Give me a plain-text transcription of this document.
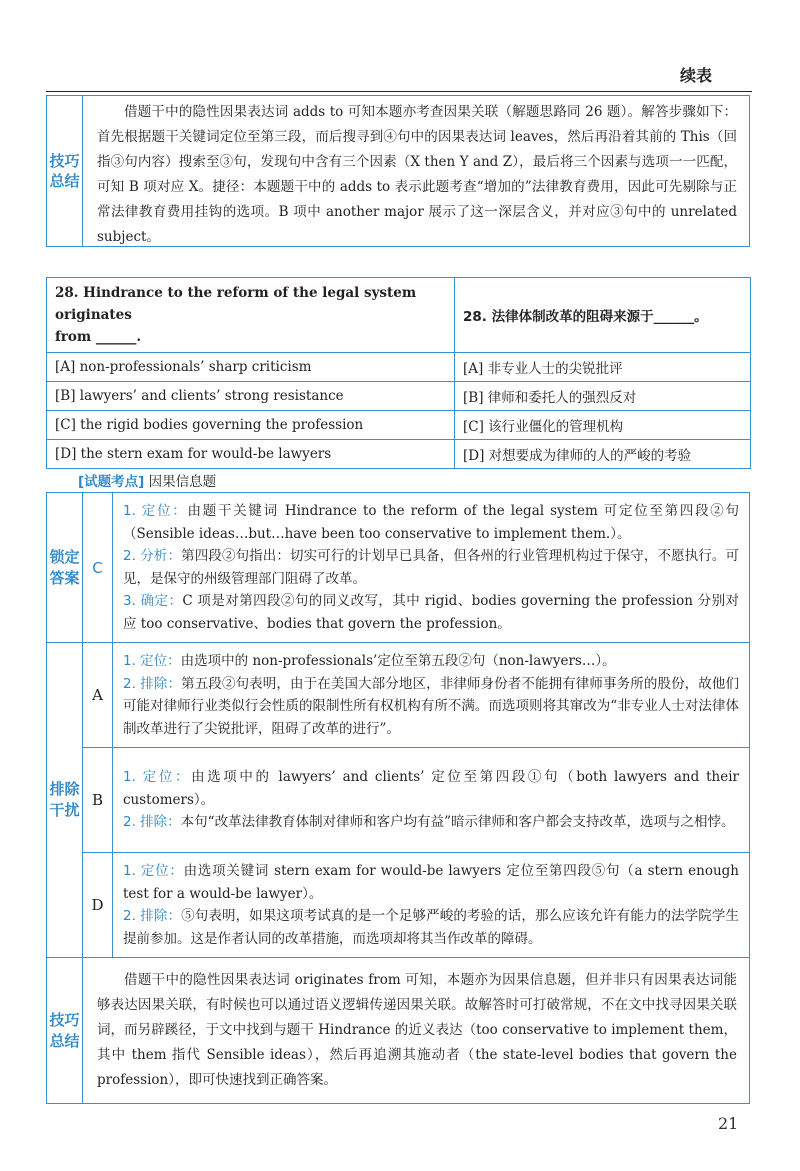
续表
技巧
总结
借题干中的隐性因果表达词 adds to 可知本题亦考查因果关联（解题思路同 26 题）。解答步骤如下：首先根据题干关键词定位至第三段，而后搜寻到④句中的因果表达词 leaves，然后再沿着其前的 This（回指③句内容）搜索至③句，发现句中含有三个因素（X then Y and Z），最后将三个因素与选项一一匹配，可知 B 项对应 X。捷径：本题题干中的 adds to 表示此题考查“增加的”法律教育费用，因此可先剔除与正常法律教育费用挂钩的选项。B 项中 another major 展示了这一深层含义，并对应③句中的 unrelated subject。
28. Hindrance to the reform of the legal system originates
from ______.	28. 法律体制改革的阻碍来源于______。
[A] non-professionals’ sharp criticism	[A] 非专业人士的尖锐批评
[B] lawyers’ and clients’ strong resistance	[B] 律师和委托人的强烈反对
[C] the rigid bodies governing the profession	[C] 该行业僵化的管理机构
[D] the stern exam for would-be lawyers	[D] 对想要成为律师的人的严峻的考验
[试题考点] 因果信息题
锁定
答案	C	1. 定位：由题干关键词 Hindrance to the reform of the legal system 可定位至第四段②句（Sensible ideas…but…have been too conservative to implement them.）。
2. 分析：第四段②句指出：切实可行的计划早已具备，但各州的行业管理机构过于保守，不愿执行。可见，是保守的州级管理部门阻碍了改革。
3. 确定：C 项是对第四段②句的同义改写，其中 rigid、bodies governing the profession 分别对应 too conservative、bodies that govern the profession。

排除
干扰	A	1. 定位：由选项中的 non-professionals’定位至第五段②句（non-lawyers…）。
2. 排除：第五段②句表明，由于在美国大部分地区，非律师身份者不能拥有律师事务所的股份，故他们可能对律师行业类似行会性质的限制性所有权机构有所不满。而选项则将其窜改为“非专业人士对法律体制改革进行了尖锐批评，阻碍了改革的进行”。

	B	1. 定位：由选项中的 lawyers’ and clients’ 定位至第四段①句（both lawyers and their customers）。
2. 排除：本句“改革法律教育体制对律师和客户均有益”暗示律师和客户都会支持改革，选项与之相悖。

	D	1. 定位：由选项关键词 stern exam for would-be lawyers 定位至第四段⑤句（a stern enough test for a would-be lawyer）。
2. 排除：⑤句表明，如果这项考试真的是一个足够严峻的考验的话，那么应该允许有能力的法学院学生提前参加。这是作者认同的改革措施，而选项却将其当作改革的障碍。

技巧
总结	借题干中的隐性因果表达词 originates from 可知，本题亦为因果信息题，但并非只有因果表达词能够表达因果关联，有时候也可以通过语义逻辑传递因果关联。故解答时可打破常规，不在文中找寻因果关联词，而另辟蹊径，于文中找到与题干 Hindrance 的近义表达（too conservative to implement them，其中 them 指代 Sensible ideas），然后再追溯其施动者（the state-level bodies that govern the profession），即可快速找到正确答案。	
21
